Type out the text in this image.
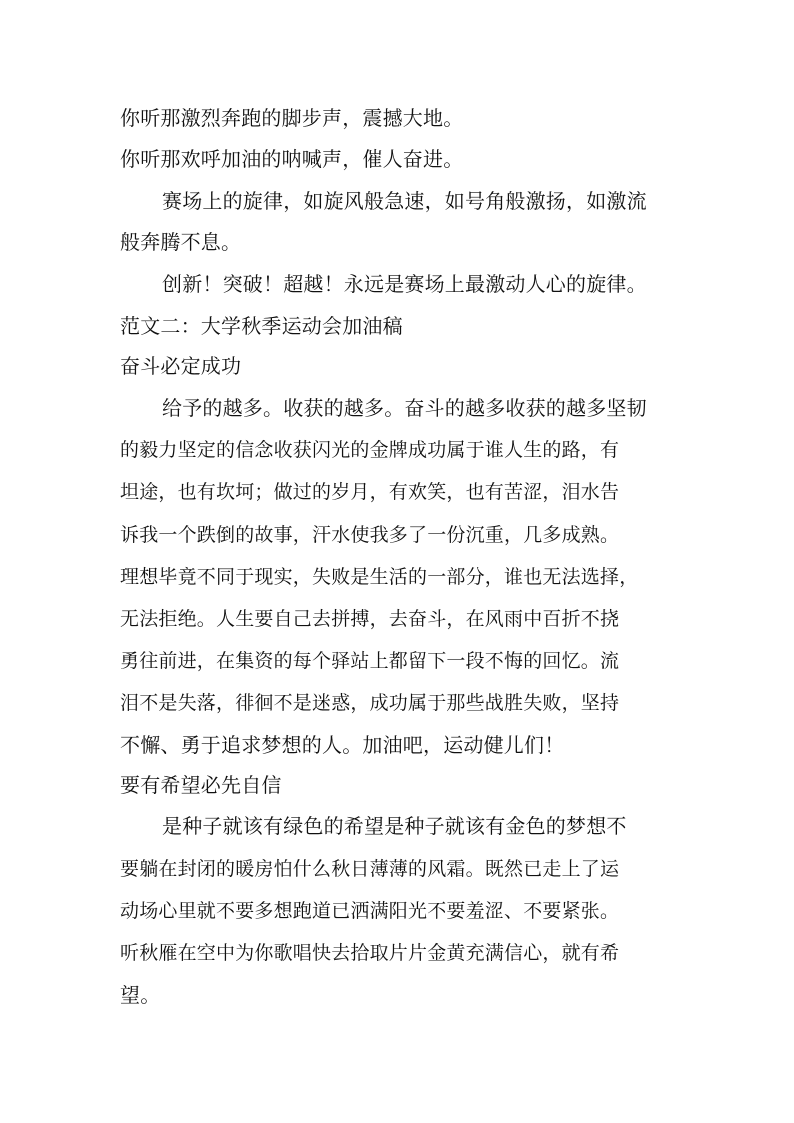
你听那激烈奔跑的脚步声，震撼大地。
你听那欢呼加油的呐喊声，催人奋进。
赛场上的旋律，如旋风般急速，如号角般激扬，如激流
般奔腾不息。
创新！突破！超越！永远是赛场上最激动人心的旋律。
范文二：大学秋季运动会加油稿
奋斗必定成功
给予的越多。收获的越多。奋斗的越多收获的越多坚韧
的毅力坚定的信念收获闪光的金牌成功属于谁人生的路，有
坦途，也有坎坷；做过的岁月，有欢笑，也有苦涩，泪水告
诉我一个跌倒的故事，汗水使我多了一份沉重，几多成熟。
理想毕竟不同于现实，失败是生活的一部分，谁也无法选择，
无法拒绝。人生要自己去拼搏，去奋斗，在风雨中百折不挠
勇往前进，在集资的每个驿站上都留下一段不悔的回忆。流
泪不是失落，徘徊不是迷惑，成功属于那些战胜失败，坚持
不懈、勇于追求梦想的人。加油吧，运动健儿们！
要有希望必先自信
是种子就该有绿色的希望是种子就该有金色的梦想不
要躺在封闭的暖房怕什么秋日薄薄的风霜。既然已走上了运
动场心里就不要多想跑道已洒满阳光不要羞涩、不要紧张。
听秋雁在空中为你歌唱快去拾取片片金黄充满信心，就有希
望。
